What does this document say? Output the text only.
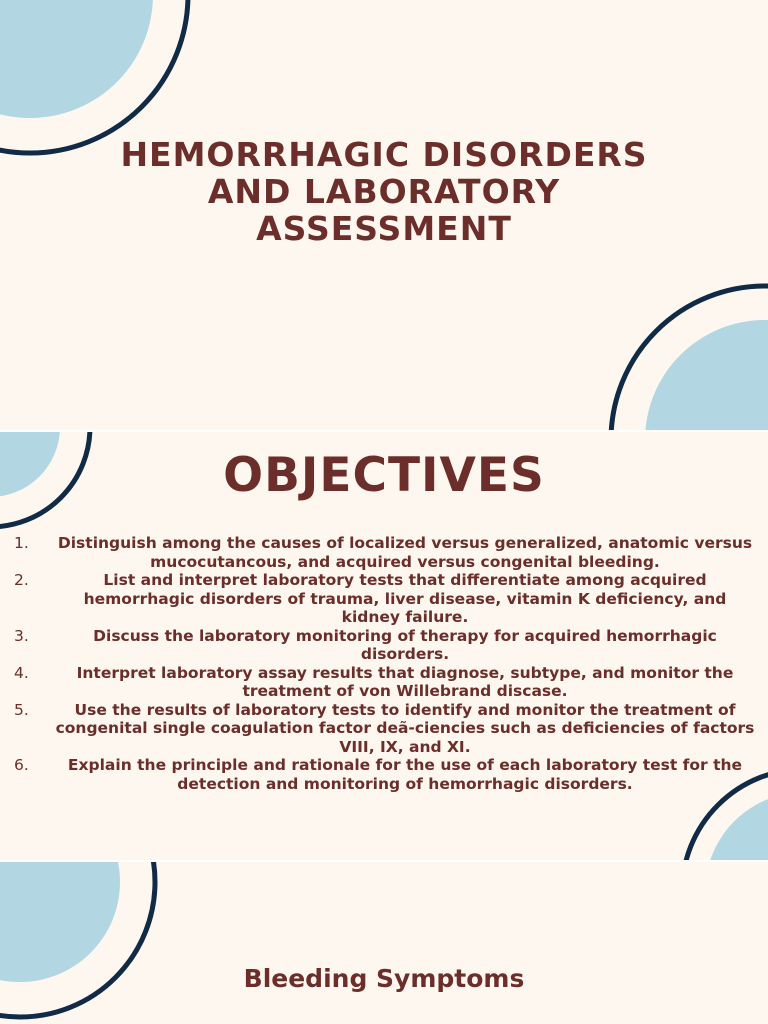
HEMORRHAGIC DISORDERS
AND LABORATORY
ASSESSMENT
OBJECTIVES
1.	Distinguish among the causes of localized versus generalized, anatomic versus mucocutancous, and acquired versus congenital bleeding.
2.	List and interpret laboratory tests that differentiate among acquired hemorrhagic disorders of trauma, liver disease, vitamin K deficiency, and kidney failure.
3.	Discuss the laboratory monitoring of therapy for acquired hemorrhagic disorders.
4.	Interpret laboratory assay results that diagnose, subtype, and monitor the treatment of von Willebrand discase.
5.	Use the results of laboratory tests to identify and monitor the treatment of congenital single coagulation factor deã-ciencies such as deficiencies of factors VIII, IX, and XI.
6.	Explain the principle and rationale for the use of each laboratory test for the detection and monitoring of hemorrhagic disorders.
Bleeding Symptoms
